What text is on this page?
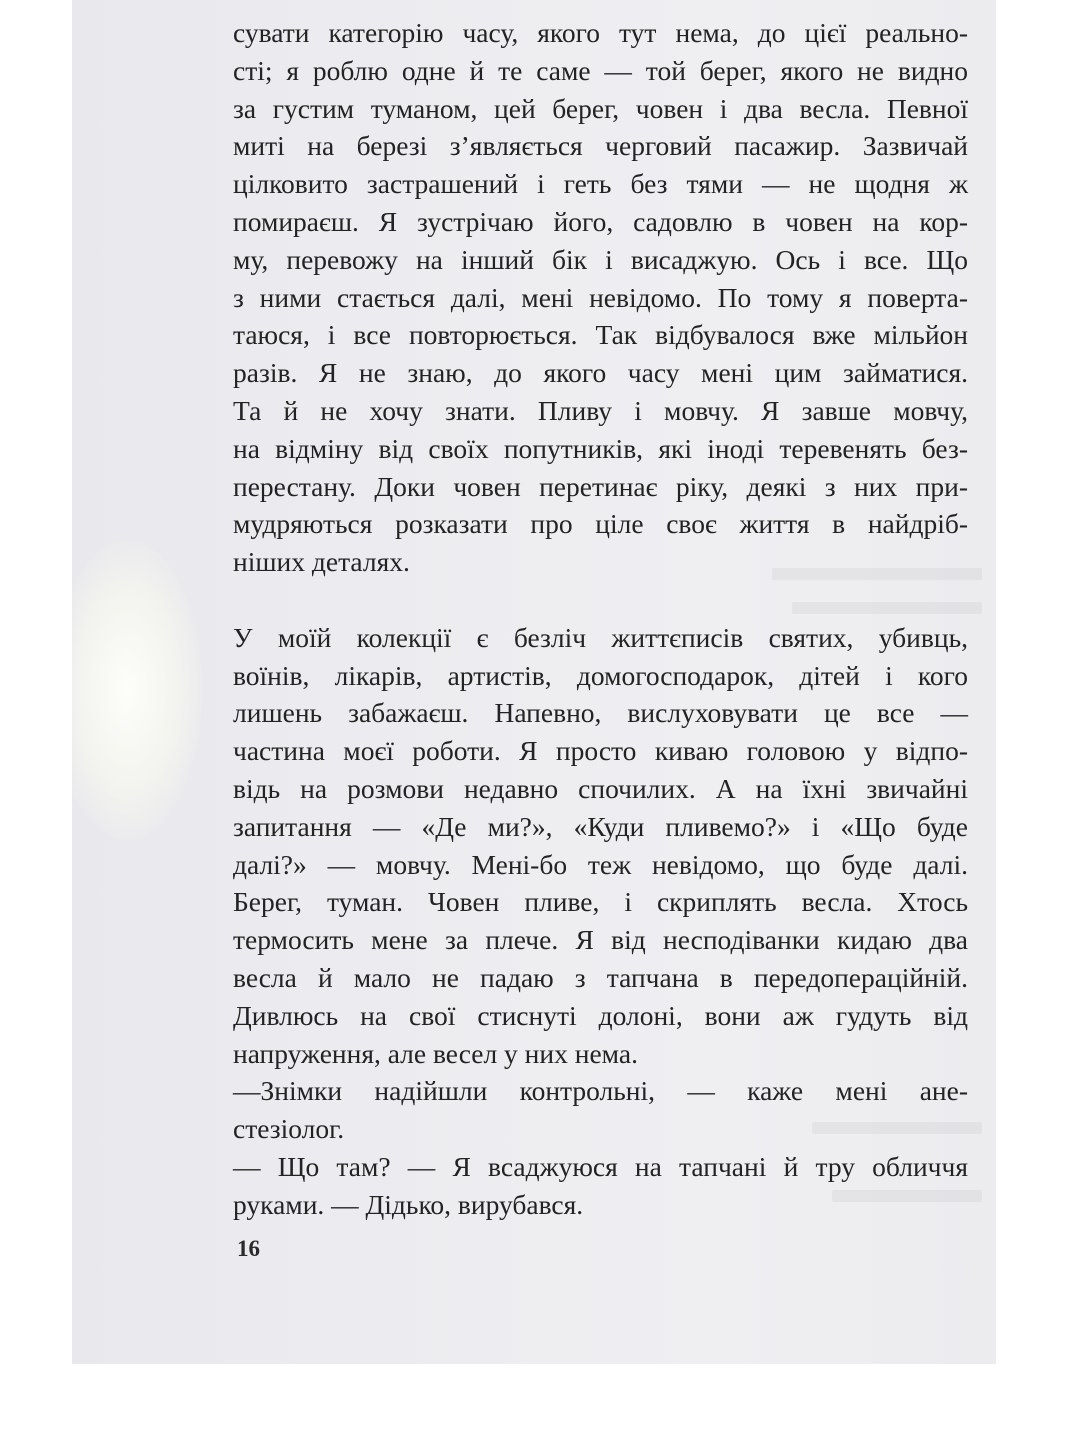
сувати категорію часу, якого тут нема, до цієї реально-
сті; я роблю одне й те саме — той берег, якого не видно
за густим туманом, цей берег, човен і два весла. Певної
миті на березі з’являється черговий пасажир. Зазвичай
цілковито застрашений і геть без тями — не щодня ж
помираєш. Я зустрічаю його, садовлю в човен на кор-
му, перевожу на інший бік і висаджую. Ось і все. Що
з ними стається далі, мені невідомо. По тому я поверта-
таюся, і все повторюється. Так відбувалося вже мільйон
разів. Я не знаю, до якого часу мені цим займатися.
Та й не хочу знати. Пливу і мовчу. Я завше мовчу,
на відміну від своїх попутників, які іноді теревенять без-
перестану. Доки човен перетинає ріку, деякі з них при-
мудряються розказати про ціле своє життя в найдріб-
ніших деталях.
У моїй колекції є безліч життєписів святих, убивць,
воїнів, лікарів, артистів, домогосподарок, дітей і кого
лишень забажаєш. Напевно, вислуховувати це все —
частина моєї роботи. Я просто киваю головою у відпо-
відь на розмови недавно спочилих. А на їхні звичайні
запитання — «Де ми?», «Куди пливемо?» і «Що буде
далі?» — мовчу. Мені-бо теж невідомо, що буде далі.
Берег, туман. Човен пливе, і скриплять весла. Хтось
термосить мене за плече. Я від несподіванки кидаю два
весла й мало не падаю з тапчана в передопераційній.
Дивлюсь на свої стиснуті долоні, вони аж гудуть від
напруження, але весел у них нема.
—Знімки надійшли контрольні, — каже мені ане-
стезіолог.
— Що там? — Я всаджуюся на тапчані й тру обличчя
руками. — Дідько, вирубався.
16
